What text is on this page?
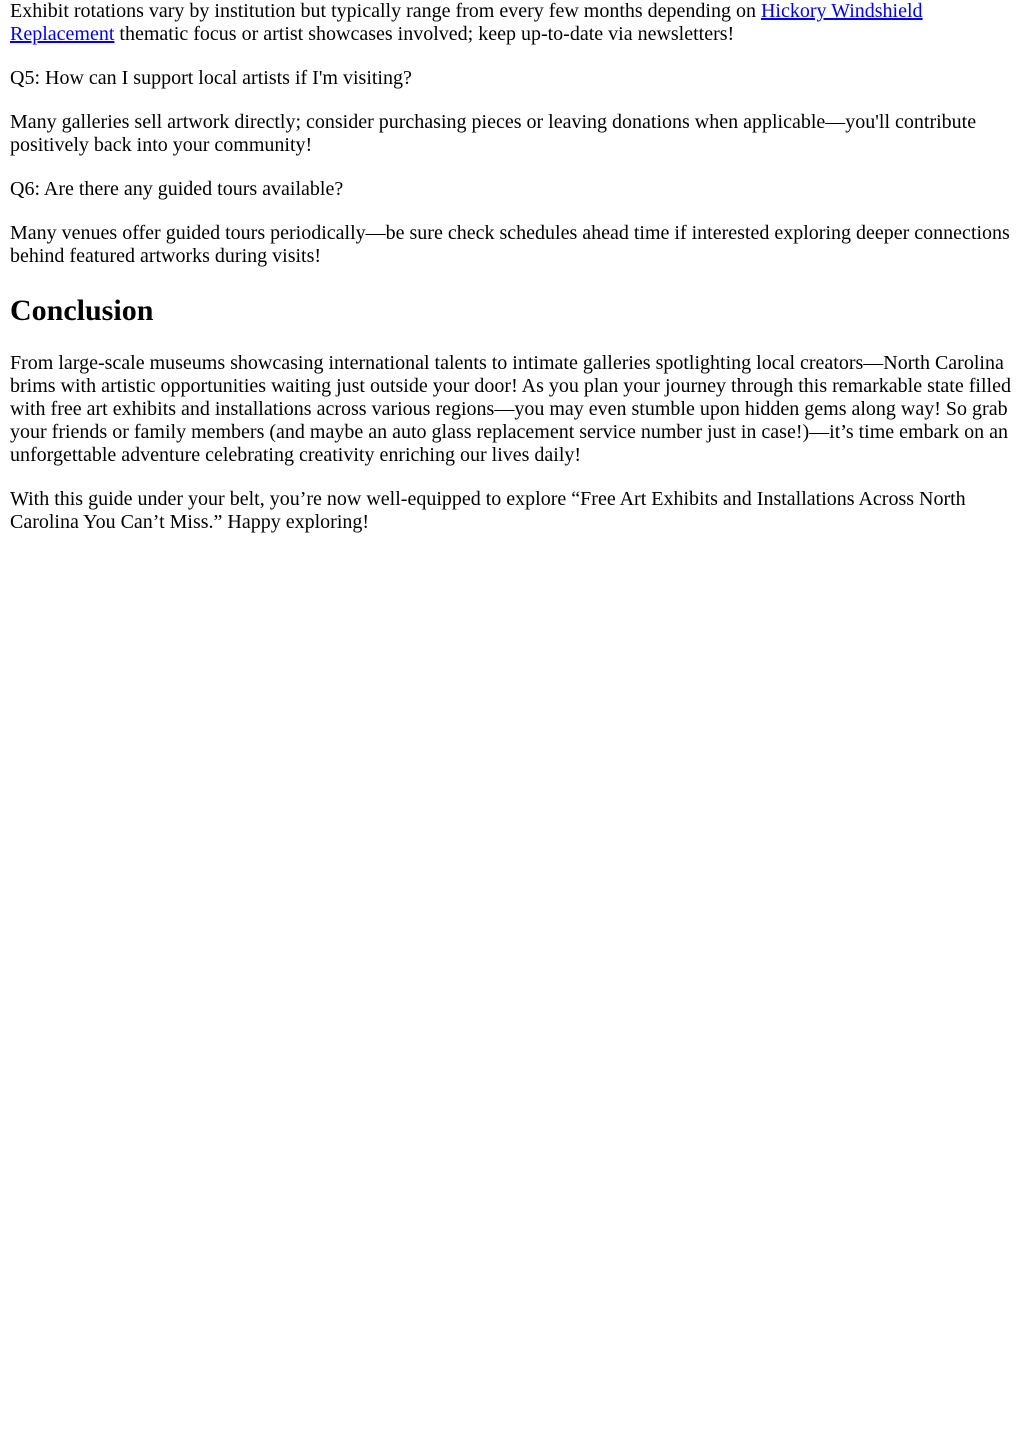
Exhibit rotations vary by institution but typically range from every few months depending on Hickory Windshield Replacement thematic focus or artist showcases involved; keep up-to-date via newsletters!

Q5: How can I support local artists if I'm visiting?

Many galleries sell artwork directly; consider purchasing pieces or leaving donations when applicable—you'll contribute positively back into your community!

Q6: Are there any guided tours available?

Many venues offer guided tours periodically—be sure check schedules ahead time if interested exploring deeper connections behind featured artworks during visits!

Conclusion

From large-scale museums showcasing international talents to intimate galleries spotlighting local creators—North Carolina brims with artistic opportunities waiting just outside your door! As you plan your journey through this remarkable state filled with free art exhibits and installations across various regions—you may even stumble upon hidden gems along way! So grab your friends or family members (and maybe an auto glass replacement service number just in case!)—it’s time embark on an unforgettable adventure celebrating creativity enriching our lives daily!

With this guide under your belt, you’re now well-equipped to explore “Free Art Exhibits and Installations Across North Carolina You Can’t Miss.” Happy exploring!
